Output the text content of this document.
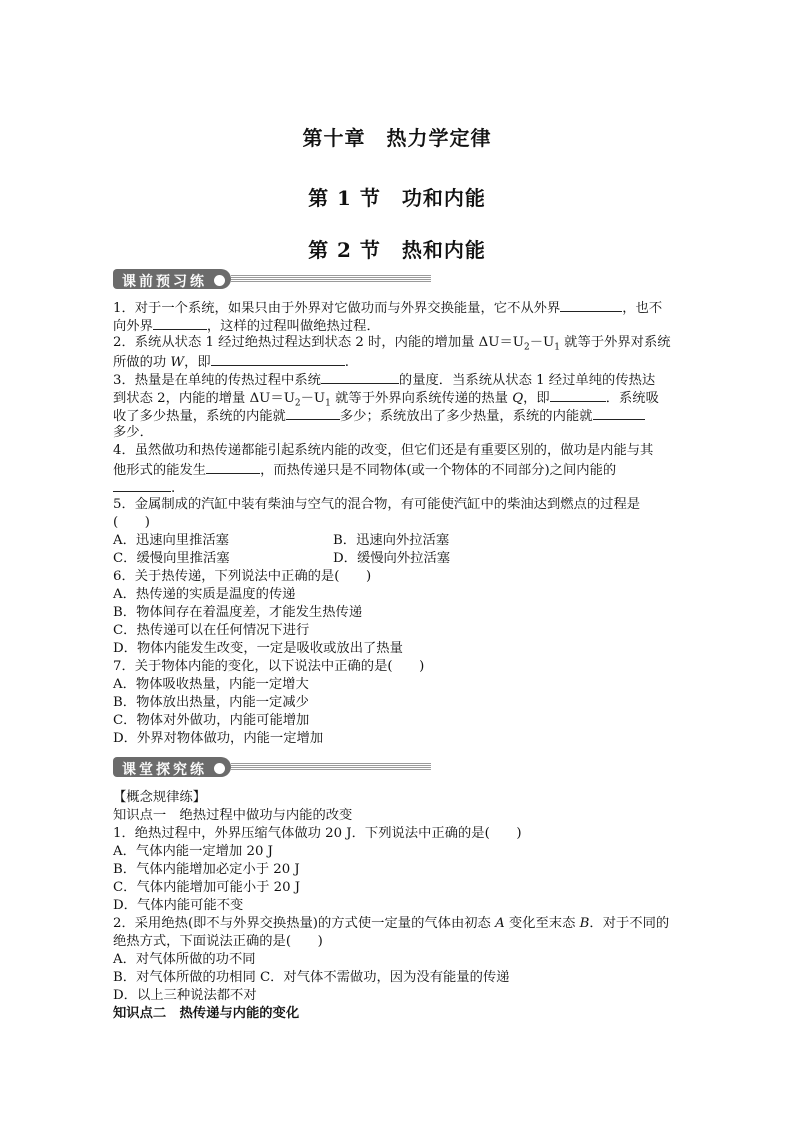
第十章　热力学定律
第 1 节　功和内能
第 2 节　热和内能
课前预习练
1．对于一个系统，如果只由于外界对它做功而与外界交换能量，它不从外界	，也不
向外界	，这样的过程叫做绝热过程．
2．系统从状态 1 经过绝热过程达到状态 2 时，内能的增加量 $\Delta U=U_2-U_1$ 就等于外界对系统
所做的功 W，即	.
3．热量是在单纯的传热过程中系统	的量度．当系统从状态 1 经过单纯的传热达
到状态 2，内能的增量 $\Delta U=U_2-U_1$ 就等于外界向系统传递的热量 Q，即	．系统吸
收了多少热量，系统的内能就	多少；系统放出了多少热量，系统的内能就
多少．
4．虽然做功和热传递都能引起系统内能的改变，但它们还是有重要区别的，做功是内能与其
他形式的能发生	，而热传递只是不同物体(或一个物体的不同部分)之间内能的
.
5．金属制成的汽缸中装有柴油与空气的混合物，有可能使汽缸中的柴油达到燃点的过程是
(　　)
A．迅速向里推活塞	B．迅速向外拉活塞
C．缓慢向里推活塞	D．缓慢向外拉活塞
6．关于热传递，下列说法中正确的是(　　)
A．热传递的实质是温度的传递
B．物体间存在着温度差，才能发生热传递
C．热传递可以在任何情况下进行
D．物体内能发生改变，一定是吸收或放出了热量
7．关于物体内能的变化，以下说法中正确的是(　　)
A．物体吸收热量，内能一定增大
B．物体放出热量，内能一定减少
C．物体对外做功，内能可能增加
D．外界对物体做功，内能一定增加
课堂探究练
【概念规律练】
知识点一　绝热过程中做功与内能的改变
1．绝热过程中，外界压缩气体做功 20 J．下列说法中正确的是(　　)
A．气体内能一定增加 20 J
B．气体内能增加必定小于 20 J
C．气体内能增加可能小于 20 J
D．气体内能可能不变
2．采用绝热(即不与外界交换热量)的方式使一定量的气体由初态 A 变化至末态 B．对于不同的
绝热方式，下面说法正确的是(　　)
A．对气体所做的功不同
B．对气体所做的功相同 C．对气体不需做功，因为没有能量的传递
D．以上三种说法都不对
知识点二　热传递与内能的变化
